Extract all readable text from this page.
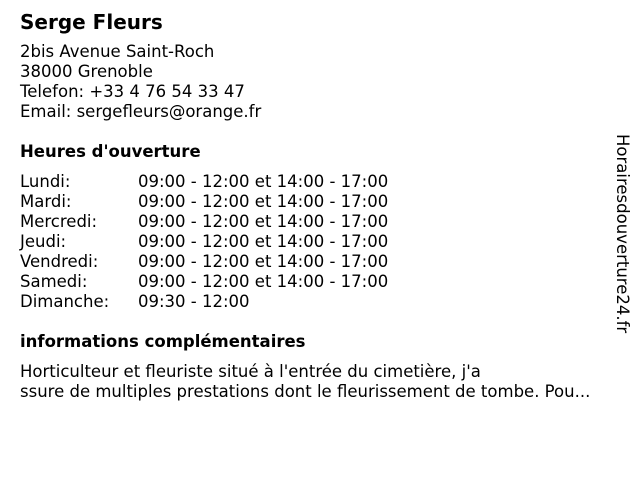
Serge Fleurs
2bis Avenue Saint-Roch
38000 Grenoble
Telefon: +33 4 76 54 33 47
Email: sergefleurs@orange.fr
Heures d'ouverture
Lundi:	09:00 - 12:00 et 14:00 - 17:00
Mardi:	09:00 - 12:00 et 14:00 - 17:00
Mercredi:	09:00 - 12:00 et 14:00 - 17:00
Jeudi:	09:00 - 12:00 et 14:00 - 17:00
Vendredi:	09:00 - 12:00 et 14:00 - 17:00
Samedi:	09:00 - 12:00 et 14:00 - 17:00
Dimanche:	09:30 - 12:00
informations complémentaires
Horticulteur et fleuriste situé à l'entrée du cimetière, j'a
ssure de multiples prestations dont le fleurissement de tombe. Pou...
Horairesdouverture24.fr
